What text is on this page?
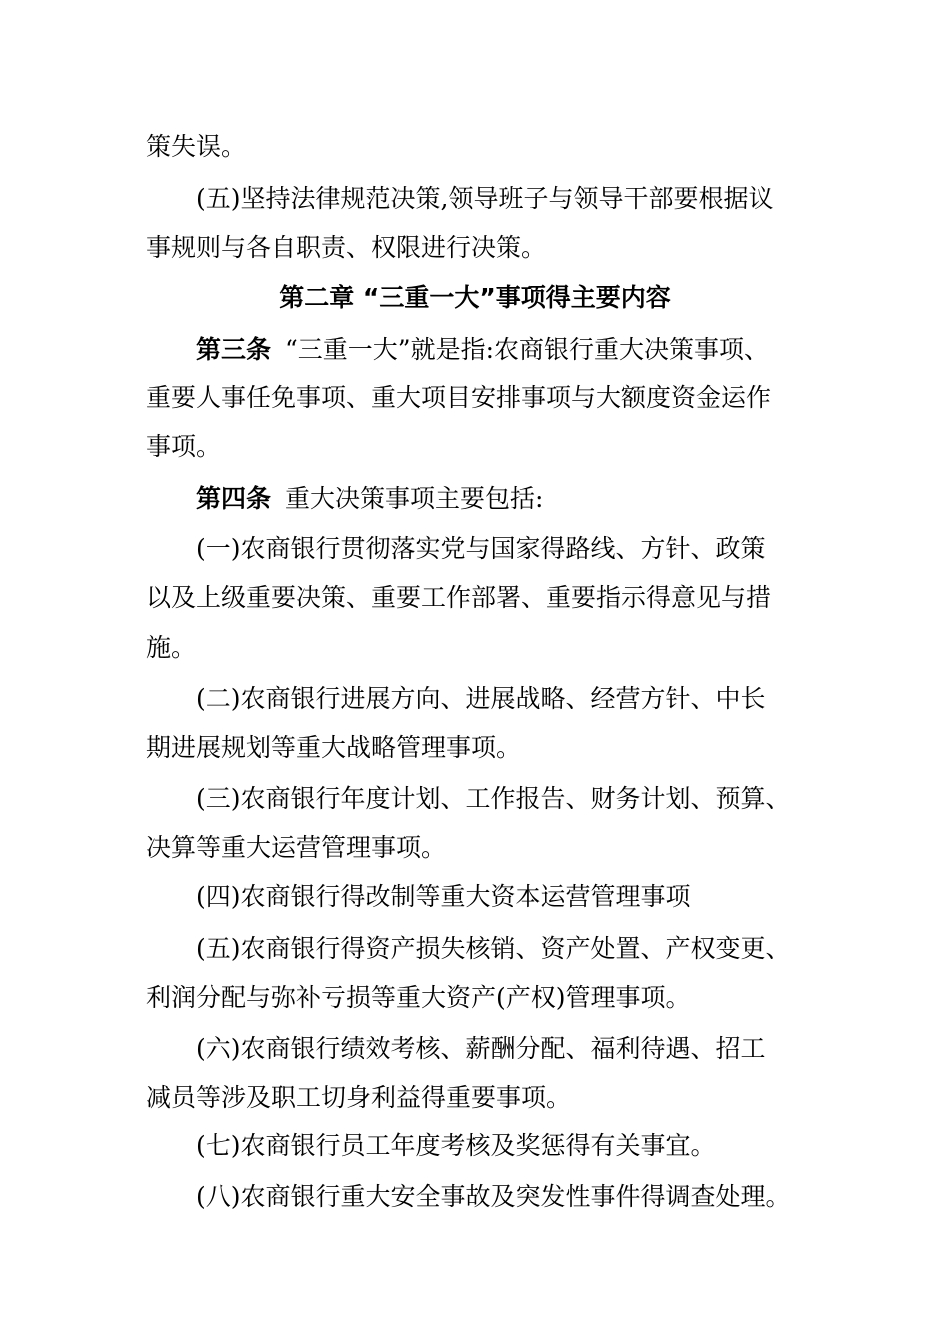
策失误。
(五)坚持法律规范决策,领导班子与领导干部要根据议
事规则与各自职责、权限进行决策。
第二章 “三重一大”事项得主要内容
第三条 “三重一大”就是指:农商银行重大决策事项、
重要人事任免事项、重大项目安排事项与大额度资金运作
事项。
第四条 重大决策事项主要包括:
(一)农商银行贯彻落实党与国家得路线、方针、政策
以及上级重要决策、重要工作部署、重要指示得意见与措
施。
(二)农商银行进展方向、进展战略、经营方针、中长
期进展规划等重大战略管理事项。
(三)农商银行年度计划、工作报告、财务计划、预算、
决算等重大运营管理事项。
(四)农商银行得改制等重大资本运营管理事项
(五)农商银行得资产损失核销、资产处置、产权变更、
利润分配与弥补亏损等重大资产(产权)管理事项。
(六)农商银行绩效考核、薪酬分配、福利待遇、招工
减员等涉及职工切身利益得重要事项。
(七)农商银行员工年度考核及奖惩得有关事宜。
(八)农商银行重大安全事故及突发性事件得调查处理。
